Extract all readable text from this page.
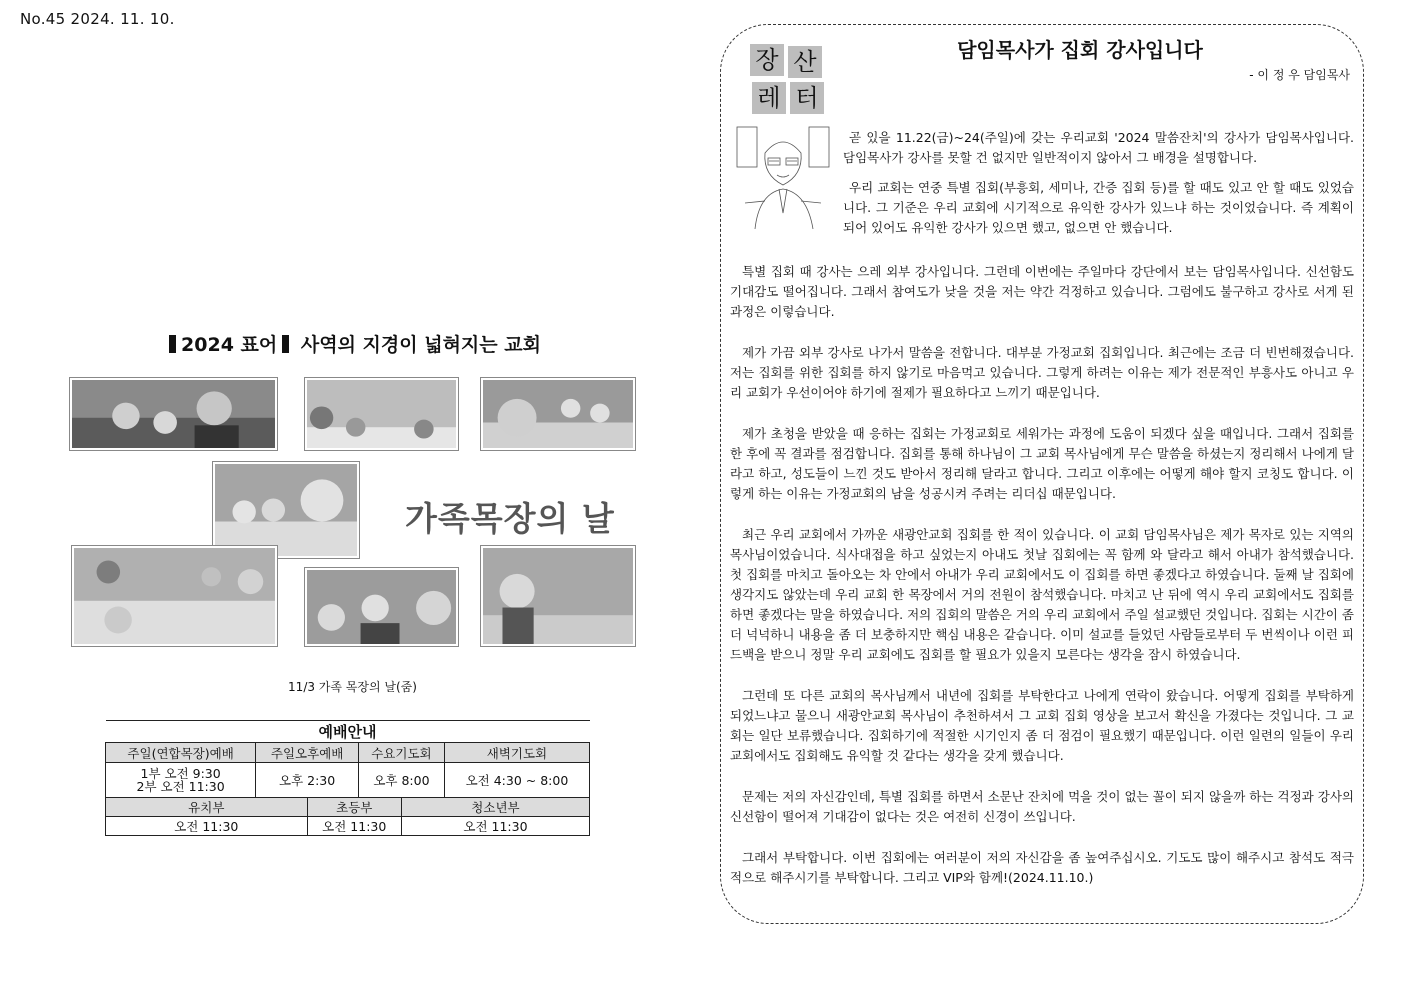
No.45 2024. 11. 10.
2024 표어 사역의 지경이 넓혀지는 교회
가족목장의 날
11/3 가족 목장의 날(줌)
예배안내					
주일(연합목장)예배	주일오후예배		수요기도회		새벽기도회

1부 오전 9:30
2부 오전 11:30	오후 2:30		오후 8:00		오전 4:30 ~ 8:00
유치부		초등부		청소년부	
오전 11:30		오전 11:30		오전 11:30	
장 산
레 터
담임목사가 집회 강사입니다
- 이 정 우 담임목사

곧 있을 11.22(금)~24(주일)에 갖는 우리교회 '2024 말씀잔치'의 강사가 담임목사입니다. 담임목사가 강사를 못할 건 없지만 일반적이지 않아서 그 배경을 설명합니다.

우리 교회는 연중 특별 집회(부흥회, 세미나, 간증 집회 등)를 할 때도 있고 안 할 때도 있었습니다. 그 기준은 우리 교회에 시기적으로 유익한 강사가 있느냐 하는 것이었습니다. 즉 계획이 되어 있어도 유익한 강사가 있으면 했고, 없으면 안 했습니다.

특별 집회 때 강사는 으레 외부 강사입니다. 그런데 이번에는 주일마다 강단에서 보는 담임목사입니다. 신선함도 기대감도 떨어집니다. 그래서 참여도가 낮을 것을 저는 약간 걱정하고 있습니다. 그럼에도 불구하고 강사로 서게 된 과정은 이렇습니다.

제가 가끔 외부 강사로 나가서 말씀을 전합니다. 대부분 가정교회 집회입니다. 최근에는 조금 더 빈번해졌습니다. 저는 집회를 위한 집회를 하지 않기로 마음먹고 있습니다. 그렇게 하려는 이유는 제가 전문적인 부흥사도 아니고 우리 교회가 우선이어야 하기에 절제가 필요하다고 느끼기 때문입니다.

제가 초청을 받았을 때 응하는 집회는 가정교회로 세워가는 과정에 도움이 되겠다 싶을 때입니다. 그래서 집회를 한 후에 꼭 결과를 점검합니다. 집회를 통해 하나님이 그 교회 목사님에게 무슨 말씀을 하셨는지 정리해서 나에게 달라고 하고, 성도들이 느낀 것도 받아서 정리해 달라고 합니다. 그리고 이후에는 어떻게 해야 할지 코칭도 합니다. 이렇게 하는 이유는 가정교회의 남을 성공시켜 주려는 리더십 때문입니다.

최근 우리 교회에서 가까운 새광안교회 집회를 한 적이 있습니다. 이 교회 담임목사님은 제가 목자로 있는 지역의 목사님이었습니다. 식사대접을 하고 싶었는지 아내도 첫날 집회에는 꼭 함께 와 달라고 해서 아내가 참석했습니다. 첫 집회를 마치고 돌아오는 차 안에서 아내가 우리 교회에서도 이 집회를 하면 좋겠다고 하였습니다. 둘째 날 집회에 생각지도 않았는데 우리 교회 한 목장에서 거의 전원이 참석했습니다. 마치고 난 뒤에 역시 우리 교회에서도 집회를 하면 좋겠다는 말을 하였습니다. 저의 집회의 말씀은 거의 우리 교회에서 주일 설교했던 것입니다. 집회는 시간이 좀 더 넉넉하니 내용을 좀 더 보충하지만 핵심 내용은 같습니다. 이미 설교를 들었던 사람들로부터 두 번씩이나 이런 피드백을 받으니 정말 우리 교회에도 집회를 할 필요가 있을지 모른다는 생각을 잠시 하였습니다.

그런데 또 다른 교회의 목사님께서 내년에 집회를 부탁한다고 나에게 연락이 왔습니다. 어떻게 집회를 부탁하게 되었느냐고 물으니 새광안교회 목사님이 추천하셔서 그 교회 집회 영상을 보고서 확신을 가졌다는 것입니다. 그 교회는 일단 보류했습니다. 집회하기에 적절한 시기인지 좀 더 점검이 필요했기 때문입니다. 이런 일련의 일들이 우리 교회에서도 집회해도 유익할 것 같다는 생각을 갖게 했습니다.

문제는 저의 자신감인데, 특별 집회를 하면서 소문난 잔치에 먹을 것이 없는 꼴이 되지 않을까 하는 걱정과 강사의 신선함이 떨어져 기대감이 없다는 것은 여전히 신경이 쓰입니다.

그래서 부탁합니다. 이번 집회에는 여러분이 저의 자신감을 좀 높여주십시오. 기도도 많이 해주시고 참석도 적극적으로 해주시기를 부탁합니다. 그리고 VIP와 함께!(2024.11.10.)
